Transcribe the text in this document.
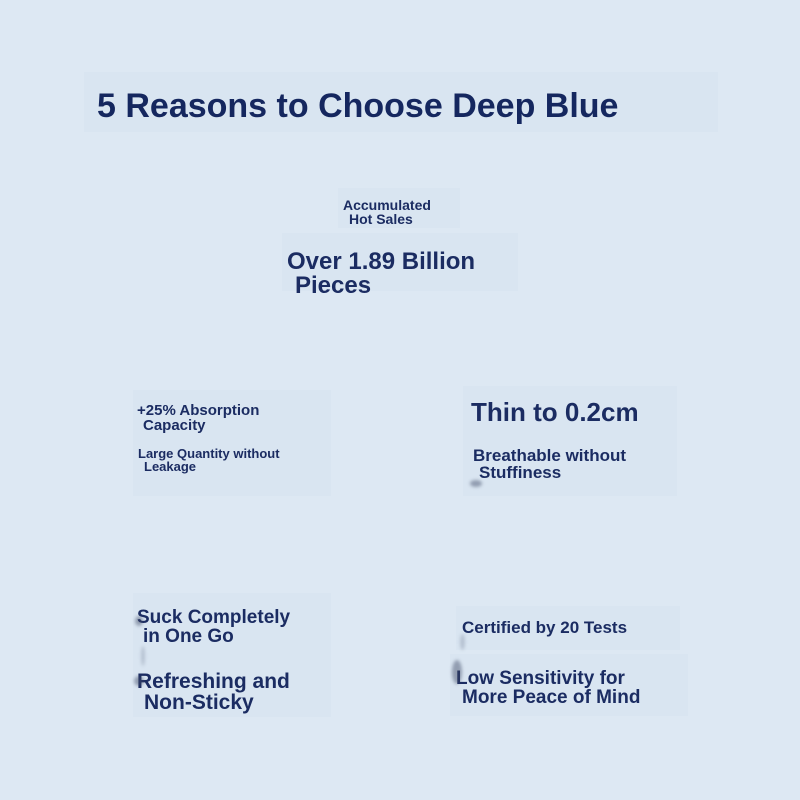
5 Reasons to Choose Deep Blue
Accumulated
Hot Sales
Over 1.89 Billion
Pieces
+25% Absorption
Capacity
Large Quantity without
Leakage
Thin to 0.2cm
Breathable without
Stuffiness
Suck Completely
in One Go
Refreshing and
Non-Sticky
Certified by 20 Tests
Low Sensitivity for
More Peace of Mind
